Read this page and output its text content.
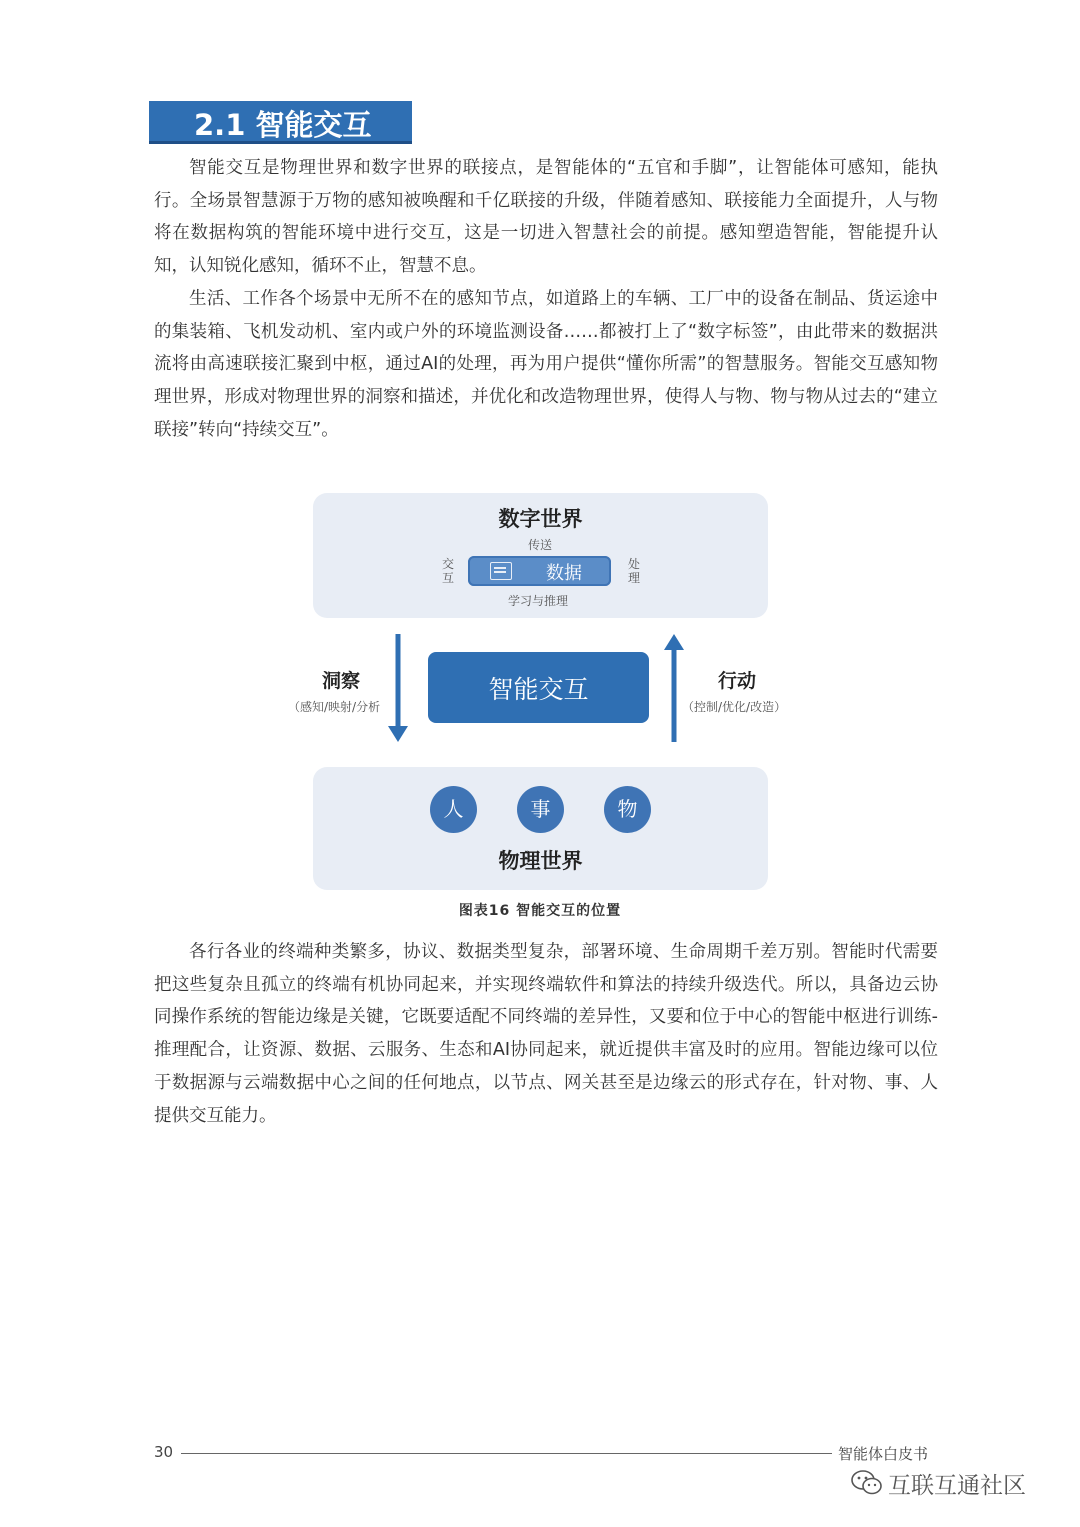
2.1 智能交互

智能交互是物理世界和数字世界的联接点，是智能体的“五官和手脚”，让智能体可感知，能执行。全场景智慧源于万物的感知被唤醒和千亿联接的升级，伴随着感知、联接能力全面提升，人与物将在数据构筑的智能环境中进行交互，这是一切进入智慧社会的前提。感知塑造智能，智能提升认知，认知锐化感知，循环不止，智慧不息。

生活、工作各个场景中无所不在的感知节点，如道路上的车辆、工厂中的设备在制品、货运途中的集装箱、飞机发动机、室内或户外的环境监测设备……都被打上了“数字标签”，由此带来的数据洪流将由高速联接汇聚到中枢，通过AI的处理，再为用户提供“懂你所需”的智慧服务。智能交互感知物理世界，形成对物理世界的洞察和描述，并优化和改造物理世界，使得人与物、物与物从过去的“建立联接”转向“持续交互”。

数字世界
传送
交互
处理
数据
学习与推理
洞察
（感知/映射/分析
智能交互	行动
（控制/优化/改造）
物理世界
人	事	物
图表16 智能交互的位置

各行各业的终端种类繁多，协议、数据类型复杂，部署环境、生命周期千差万别。智能时代需要把这些复杂且孤立的终端有机协同起来，并实现终端软件和算法的持续升级迭代。所以，具备边云协同操作系统的智能边缘是关键，它既要适配不同终端的差异性，又要和位于中心的智能中枢进行训练-推理配合，让资源、数据、云服务、生态和AI协同起来，就近提供丰富及时的应用。智能边缘可以位于数据源与云端数据中心之间的任何地点，以节点、网关甚至是边缘云的形式存在，针对物、事、人提供交互能力。

30	智能体白皮书
互联互通社区
